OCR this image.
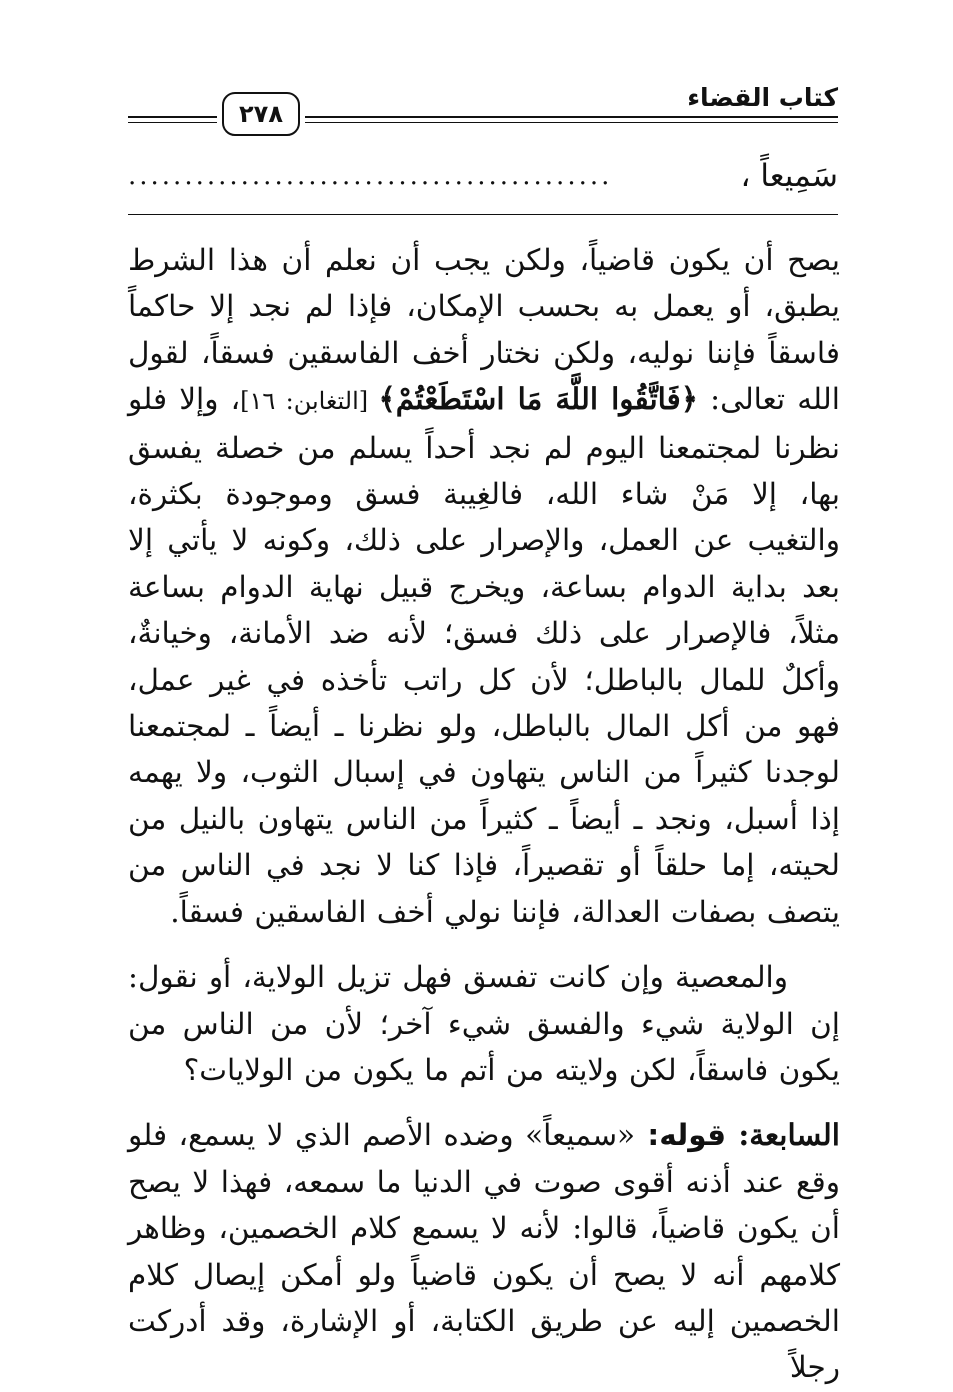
كتاب القضاء
٢٧٨
سَمِيعاً ،
...........................................

يصح أن يكون قاضياً، ولكن يجب أن نعلم أن هذا الشرط يطبق، أو يعمل به بحسب الإمكان، فإذا لم نجد إلا حاكماً فاسقاً فإننا نوليه، ولكن نختار أخف الفاسقين فسقاً، لقول الله تعالى: ﴿فَاتَّقُوا اللَّهَ مَا اسْتَطَعْتُمْ﴾ [التغابن: ١٦]، وإلا فلو نظرنا لمجتمعنا اليوم لم نجد أحداً يسلم من خصلة يفسق بها، إلا مَنْ شاء الله، فالغِيبة فسق وموجودة بكثرة، والتغيب عن العمل، والإصرار على ذلك، وكونه لا يأتي إلا بعد بداية الدوام بساعة، ويخرج قبيل نهاية الدوام بساعة مثلاً، فالإصرار على ذلك فسق؛ لأنه ضد الأمانة، وخيانةٌ، وأكلٌ للمال بالباطل؛ لأن كل راتب تأخذه في غير عمل، فهو من أكل المال بالباطل، ولو نظرنا ـ أيضاً ـ لمجتمعنا لوجدنا كثيراً من الناس يتهاون في إسبال الثوب، ولا يهمه إذا أسبل، ونجد ـ أيضاً ـ كثيراً من الناس يتهاون بالنيل من لحيته، إما حلقاً أو تقصيراً، فإذا كنا لا نجد في الناس من يتصف بصفات العدالة، فإننا نولي أخف الفاسقين فسقاً.

والمعصية وإن كانت تفسق فهل تزيل الولاية، أو نقول: إن الولاية شيء والفسق شيء آخر؛ لأن من الناس من يكون فاسقاً، لكن ولايته من أتم ما يكون من الولايات؟

السابعة: قوله: «سميعاً» وضده الأصم الذي لا يسمع، فلو وقع عند أذنه أقوى صوت في الدنيا ما سمعه، فهذا لا يصح أن يكون قاضياً، قالوا: لأنه لا يسمع كلام الخصمين، وظاهر كلامهم أنه لا يصح أن يكون قاضياً ولو أمكن إيصال كلام الخصمين إليه عن طريق الكتابة، أو الإشارة، وقد أدركت رجلاً
